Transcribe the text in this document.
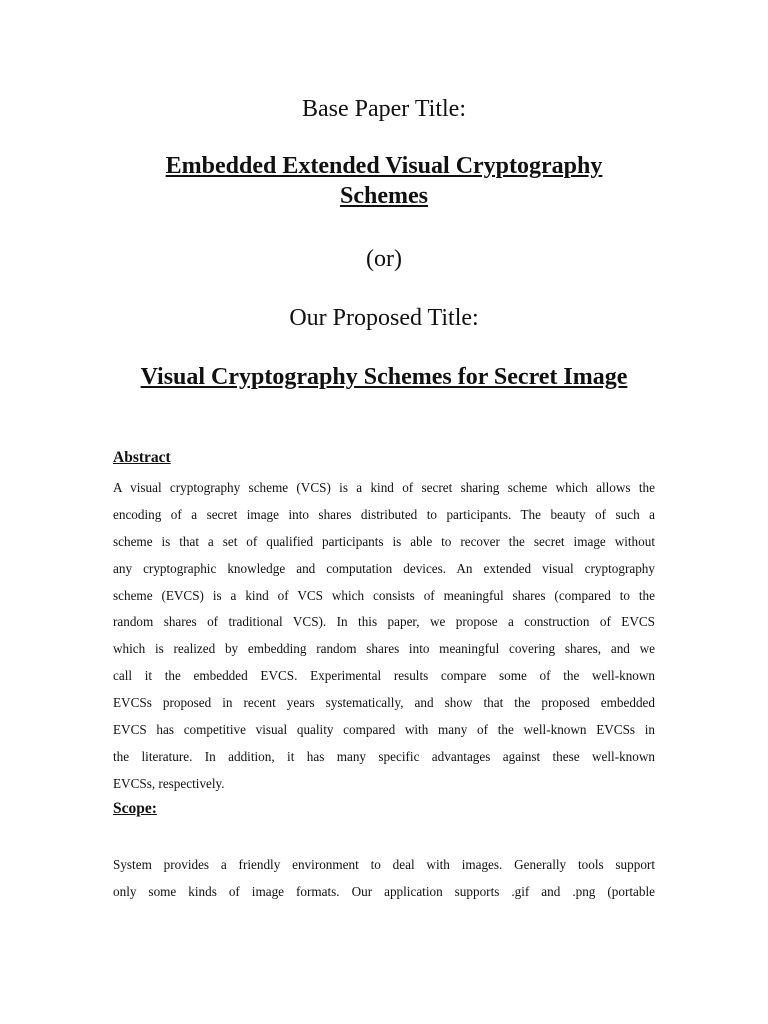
Base Paper Title:
Embedded Extended Visual Cryptography
Schemes
(or)
Our Proposed Title:
Visual Cryptography Schemes for Secret Image
Abstract
A visual cryptography scheme (VCS) is a kind of secret sharing scheme which allows the
encoding of a secret image into shares distributed to participants. The beauty of such a
scheme is that a set of qualified participants is able to recover the secret image without
any cryptographic knowledge and computation devices. An extended visual cryptography
scheme (EVCS) is a kind of VCS which consists of meaningful shares (compared to the
random shares of traditional VCS). In this paper, we propose a construction of EVCS
which is realized by embedding random shares into meaningful covering shares, and we
call it the embedded EVCS. Experimental results compare some of the well-known
EVCSs proposed in recent years systematically, and show that the proposed embedded
EVCS has competitive visual quality compared with many of the well-known EVCSs in
the literature. In addition, it has many specific advantages against these well-known
EVCSs, respectively.
Scope:
System provides a friendly environment to deal with images. Generally tools support
only some kinds of image formats. Our application supports .gif and .png (portable
